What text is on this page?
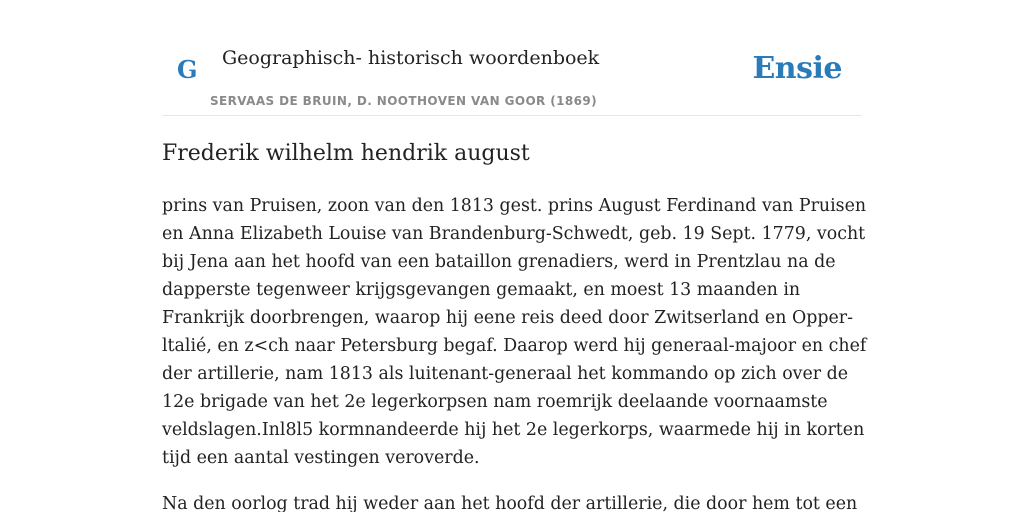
G Geographisch- historisch woordenboek
SERVAAS DE BRUIN, D. NOOTHOVEN VAN GOOR (1869)
Ensie
Frederik wilhelm hendrik august

prins van Pruisen, zoon van den 1813 gest. prins August Ferdinand van Pruisen en Anna Elizabeth Louise van Brandenburg-Schwedt, geb. 19 Sept. 1779, vocht bij Jena aan het hoofd van een bataillon grenadiers, werd in Prentzlau na de dapperste tegenweer krijgsgevangen gemaakt, en moest 13 maanden in Frankrijk doorbrengen, waarop hij eene reis deed door Zwitserland en Opper-ltalié, en z<ch naar Petersburg begaf. Daarop werd hij generaal-majoor en chef der artillerie, nam 1813 als luitenant-generaal het kommando op zich over de 12e brigade van het 2e legerkorpsen nam roemrijk deelaande voornaamste veldslagen.Inl8l5 kormnandeerde hij het 2e legerkorps, waarmede hij in korten tijd een aantal vestingen veroverde.

Na den oorlog trad hij weder aan het hoofd der artillerie, die door hem tot een
